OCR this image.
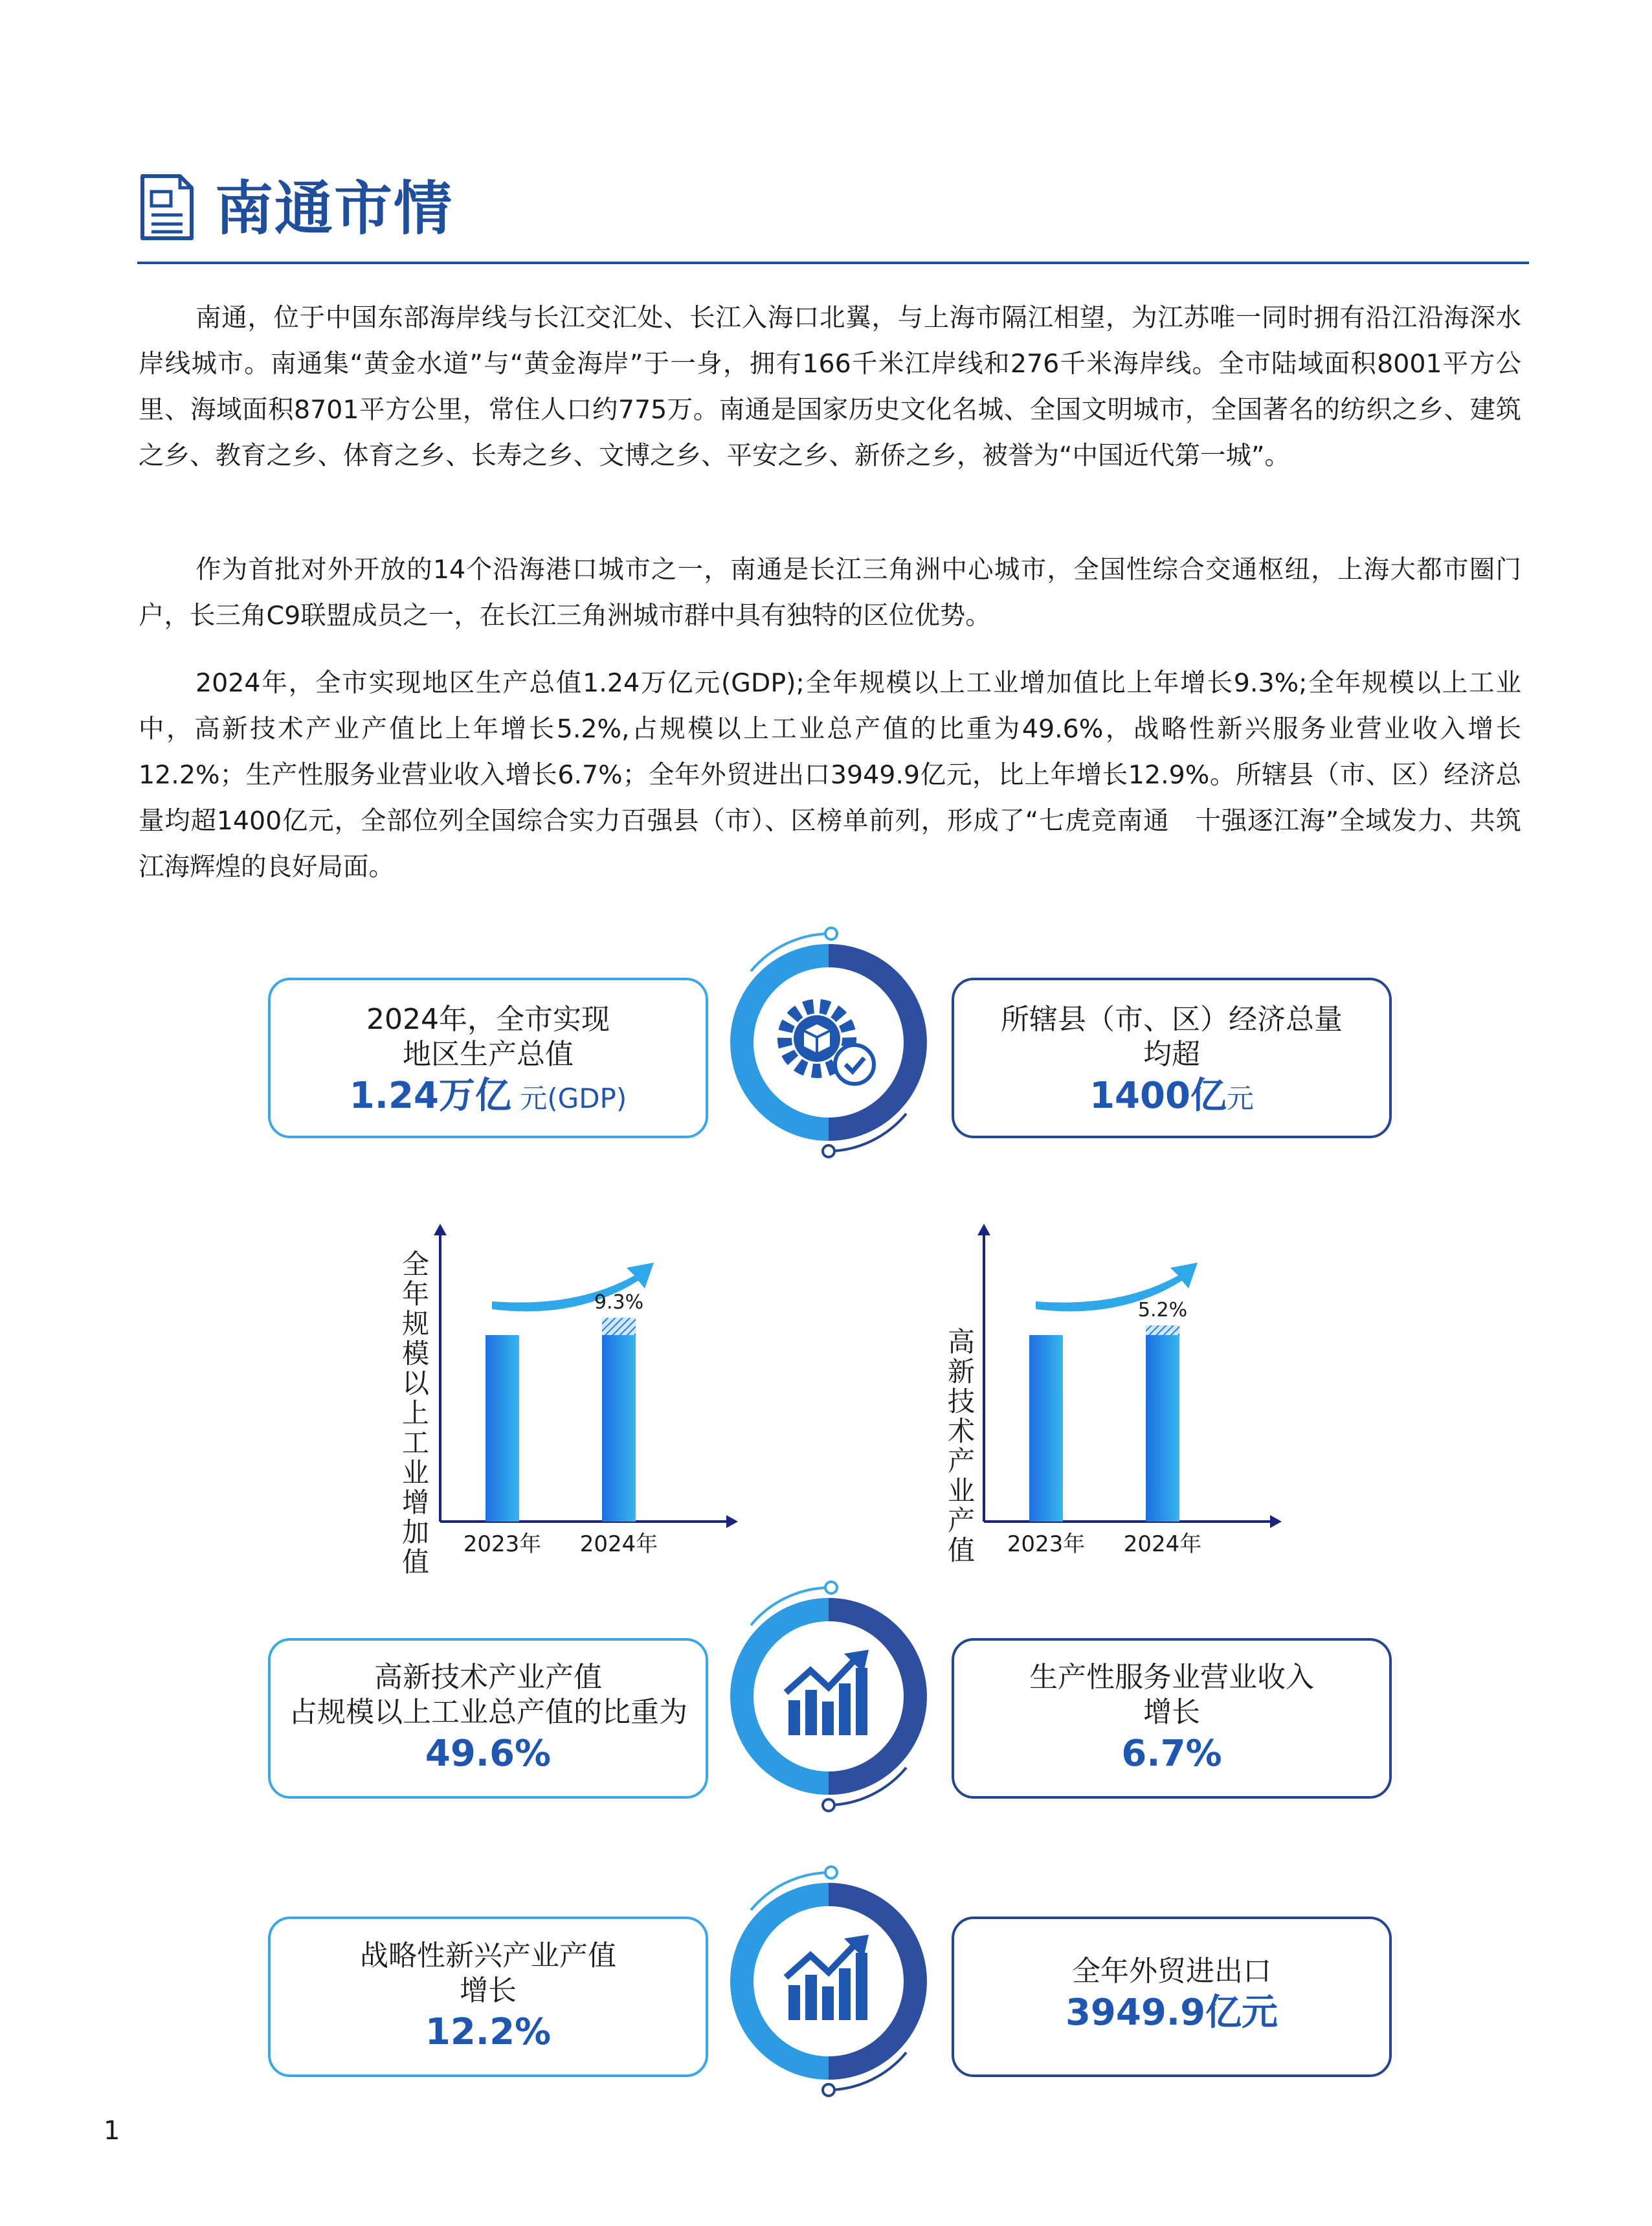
南通市情

南通，位于中国东部海岸线与长江交汇处、长江入海口北翼，与上海市隔江相望，为江苏唯一同时拥有沿江沿海深水岸线城市。南通集“黄金水道”与“黄金海岸”于一身，拥有166千米江岸线和276千米海岸线。全市陆域面积8001平方公里、海域面积8701平方公里，常住人口约775万。南通是国家历史文化名城、全国文明城市，全国著名的纺织之乡、建筑之乡、教育之乡、体育之乡、长寿之乡、文博之乡、平安之乡、新侨之乡，被誉为“中国近代第一城”。

作为首批对外开放的14个沿海港口城市之一，南通是长江三角洲中心城市，全国性综合交通枢纽，上海大都市圈门户，长三角C9联盟成员之一，在长江三角洲城市群中具有独特的区位优势。

2024年，全市实现地区生产总值1.24万亿元(GDP);全年规模以上工业增加值比上年增长9.3%;全年规模以上工业中，高新技术产业产值比上年增长5.2%,占规模以上工业总产值的比重为49.6%，战略性新兴服务业营业收入增长12.2%；生产性服务业营业收入增长6.7%；全年外贸进出口3949.9亿元，比上年增长12.9%。所辖县（市、区）经济总量均超1400亿元，全部位列全国综合实力百强县（市）、区榜单前列，形成了“七虎竞南通　十强逐江海”全域发力、共筑江海辉煌的良好局面。

2024年，全市实现
地区生产总值
1.24万亿 元(GDP)
所辖县（市、区）经济总量
均超
1400亿元
2023年 2024年
9.3%
全年规模以上工业增加值
2023年 2024年
5.2%
高新技术产业产值
高新技术产业产值
占规模以上工业总产值的比重为
49.6%
生产性服务业营业收入
增长
6.7%
战略性新兴产业产值
增长
12.2%
全年外贸进出口
3949.9亿元
1
